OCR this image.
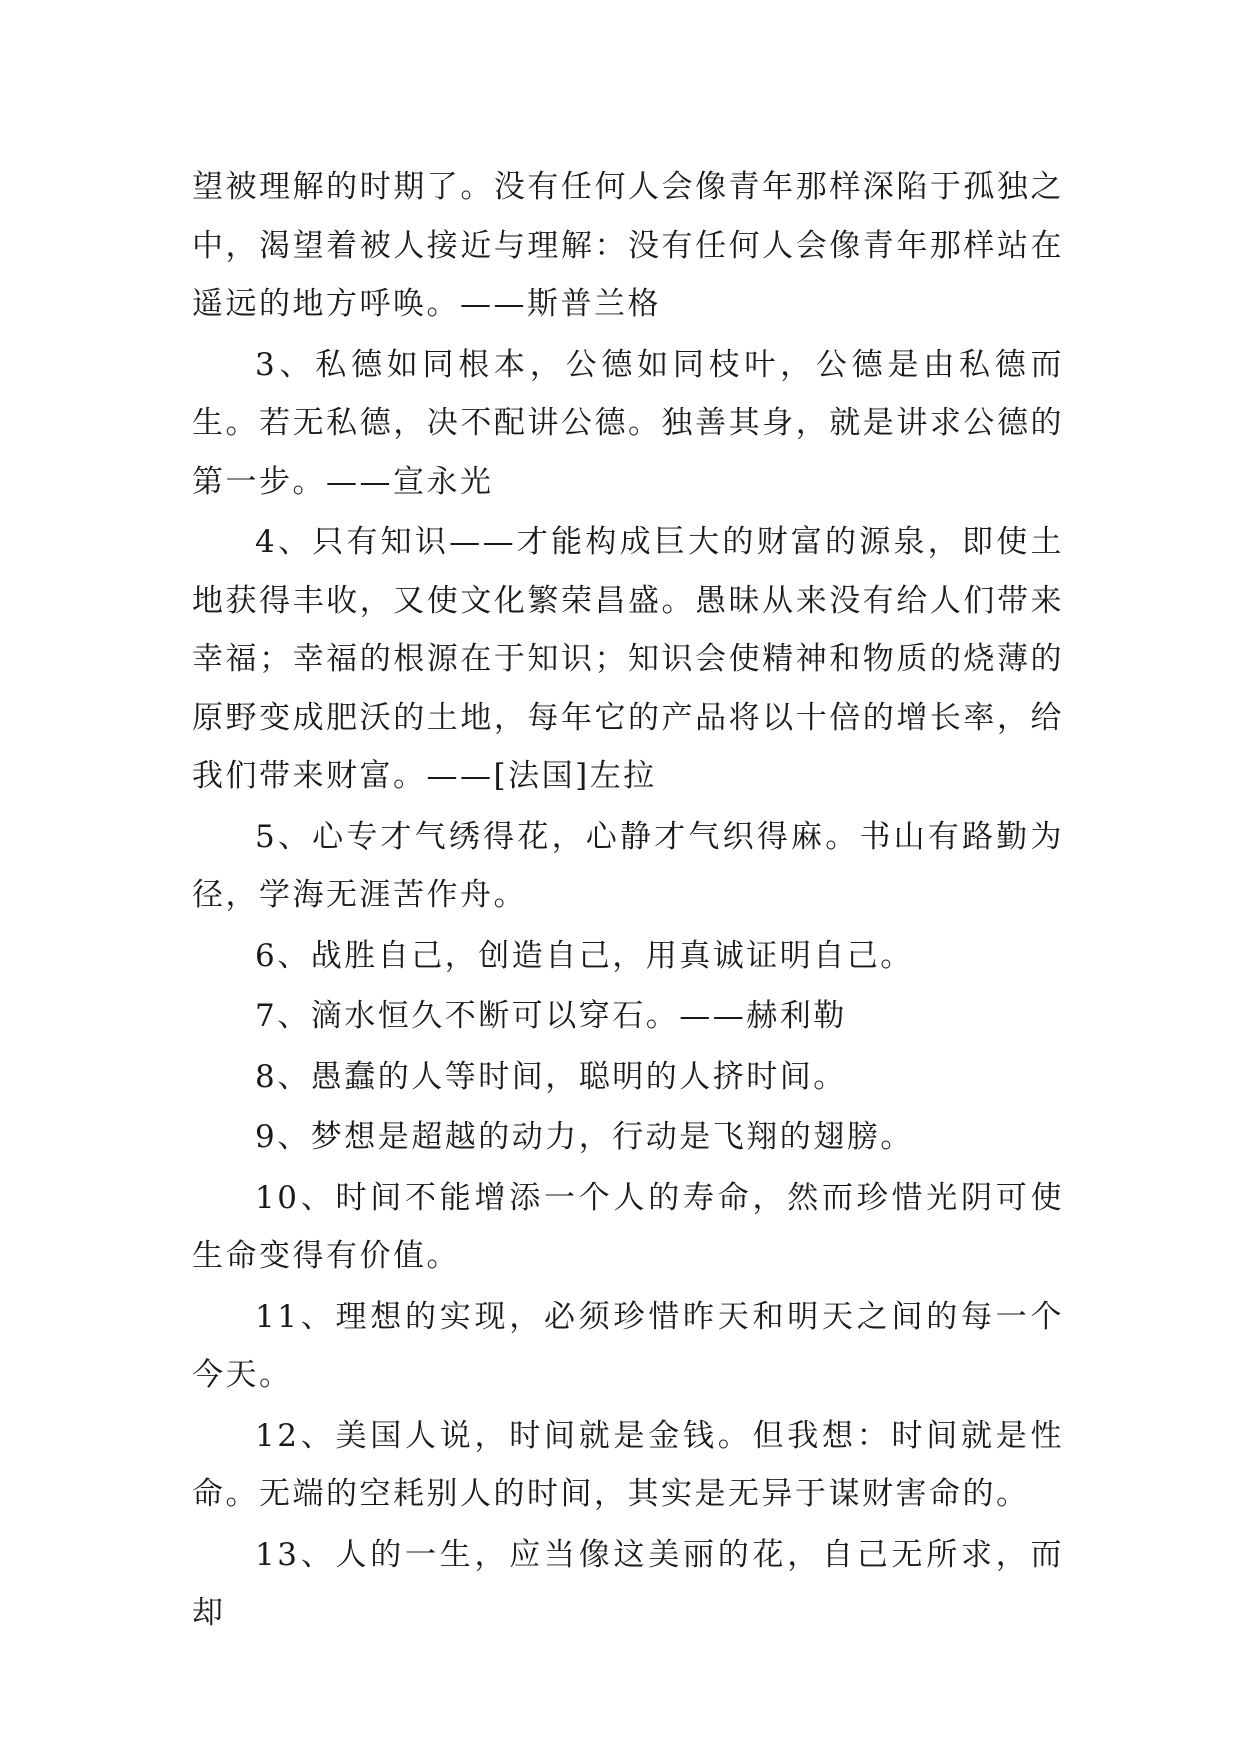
望被理解的时期了。没有任何人会像青年那样深陷于孤独之中，渴望着被人接近与理解：没有任何人会像青年那样站在遥远的地方呼唤。——斯普兰格

3、私德如同根本，公德如同枝叶，公德是由私德而生。若无私德，决不配讲公德。独善其身，就是讲求公德的第一步。——宣永光

4、只有知识——才能构成巨大的财富的源泉，即使土地获得丰收，又使文化繁荣昌盛。愚昧从来没有给人们带来幸福；幸福的根源在于知识；知识会使精神和物质的烧薄的原野变成肥沃的土地，每年它的产品将以十倍的增长率，给我们带来财富。——[法国]左拉

5、心专才气绣得花，心静才气织得麻。书山有路勤为径，学海无涯苦作舟。

6、战胜自己，创造自己，用真诚证明自己。

7、滴水恒久不断可以穿石。——赫利勒

8、愚蠢的人等时间，聪明的人挤时间。

9、梦想是超越的动力，行动是飞翔的翅膀。

10、时间不能增添一个人的寿命，然而珍惜光阴可使生命变得有价值。

11、理想的实现，必须珍惜昨天和明天之间的每一个今天。

12、美国人说，时间就是金钱。但我想：时间就是性命。无端的空耗别人的时间，其实是无异于谋财害命的。

13、人的一生，应当像这美丽的花，自己无所求，而却
